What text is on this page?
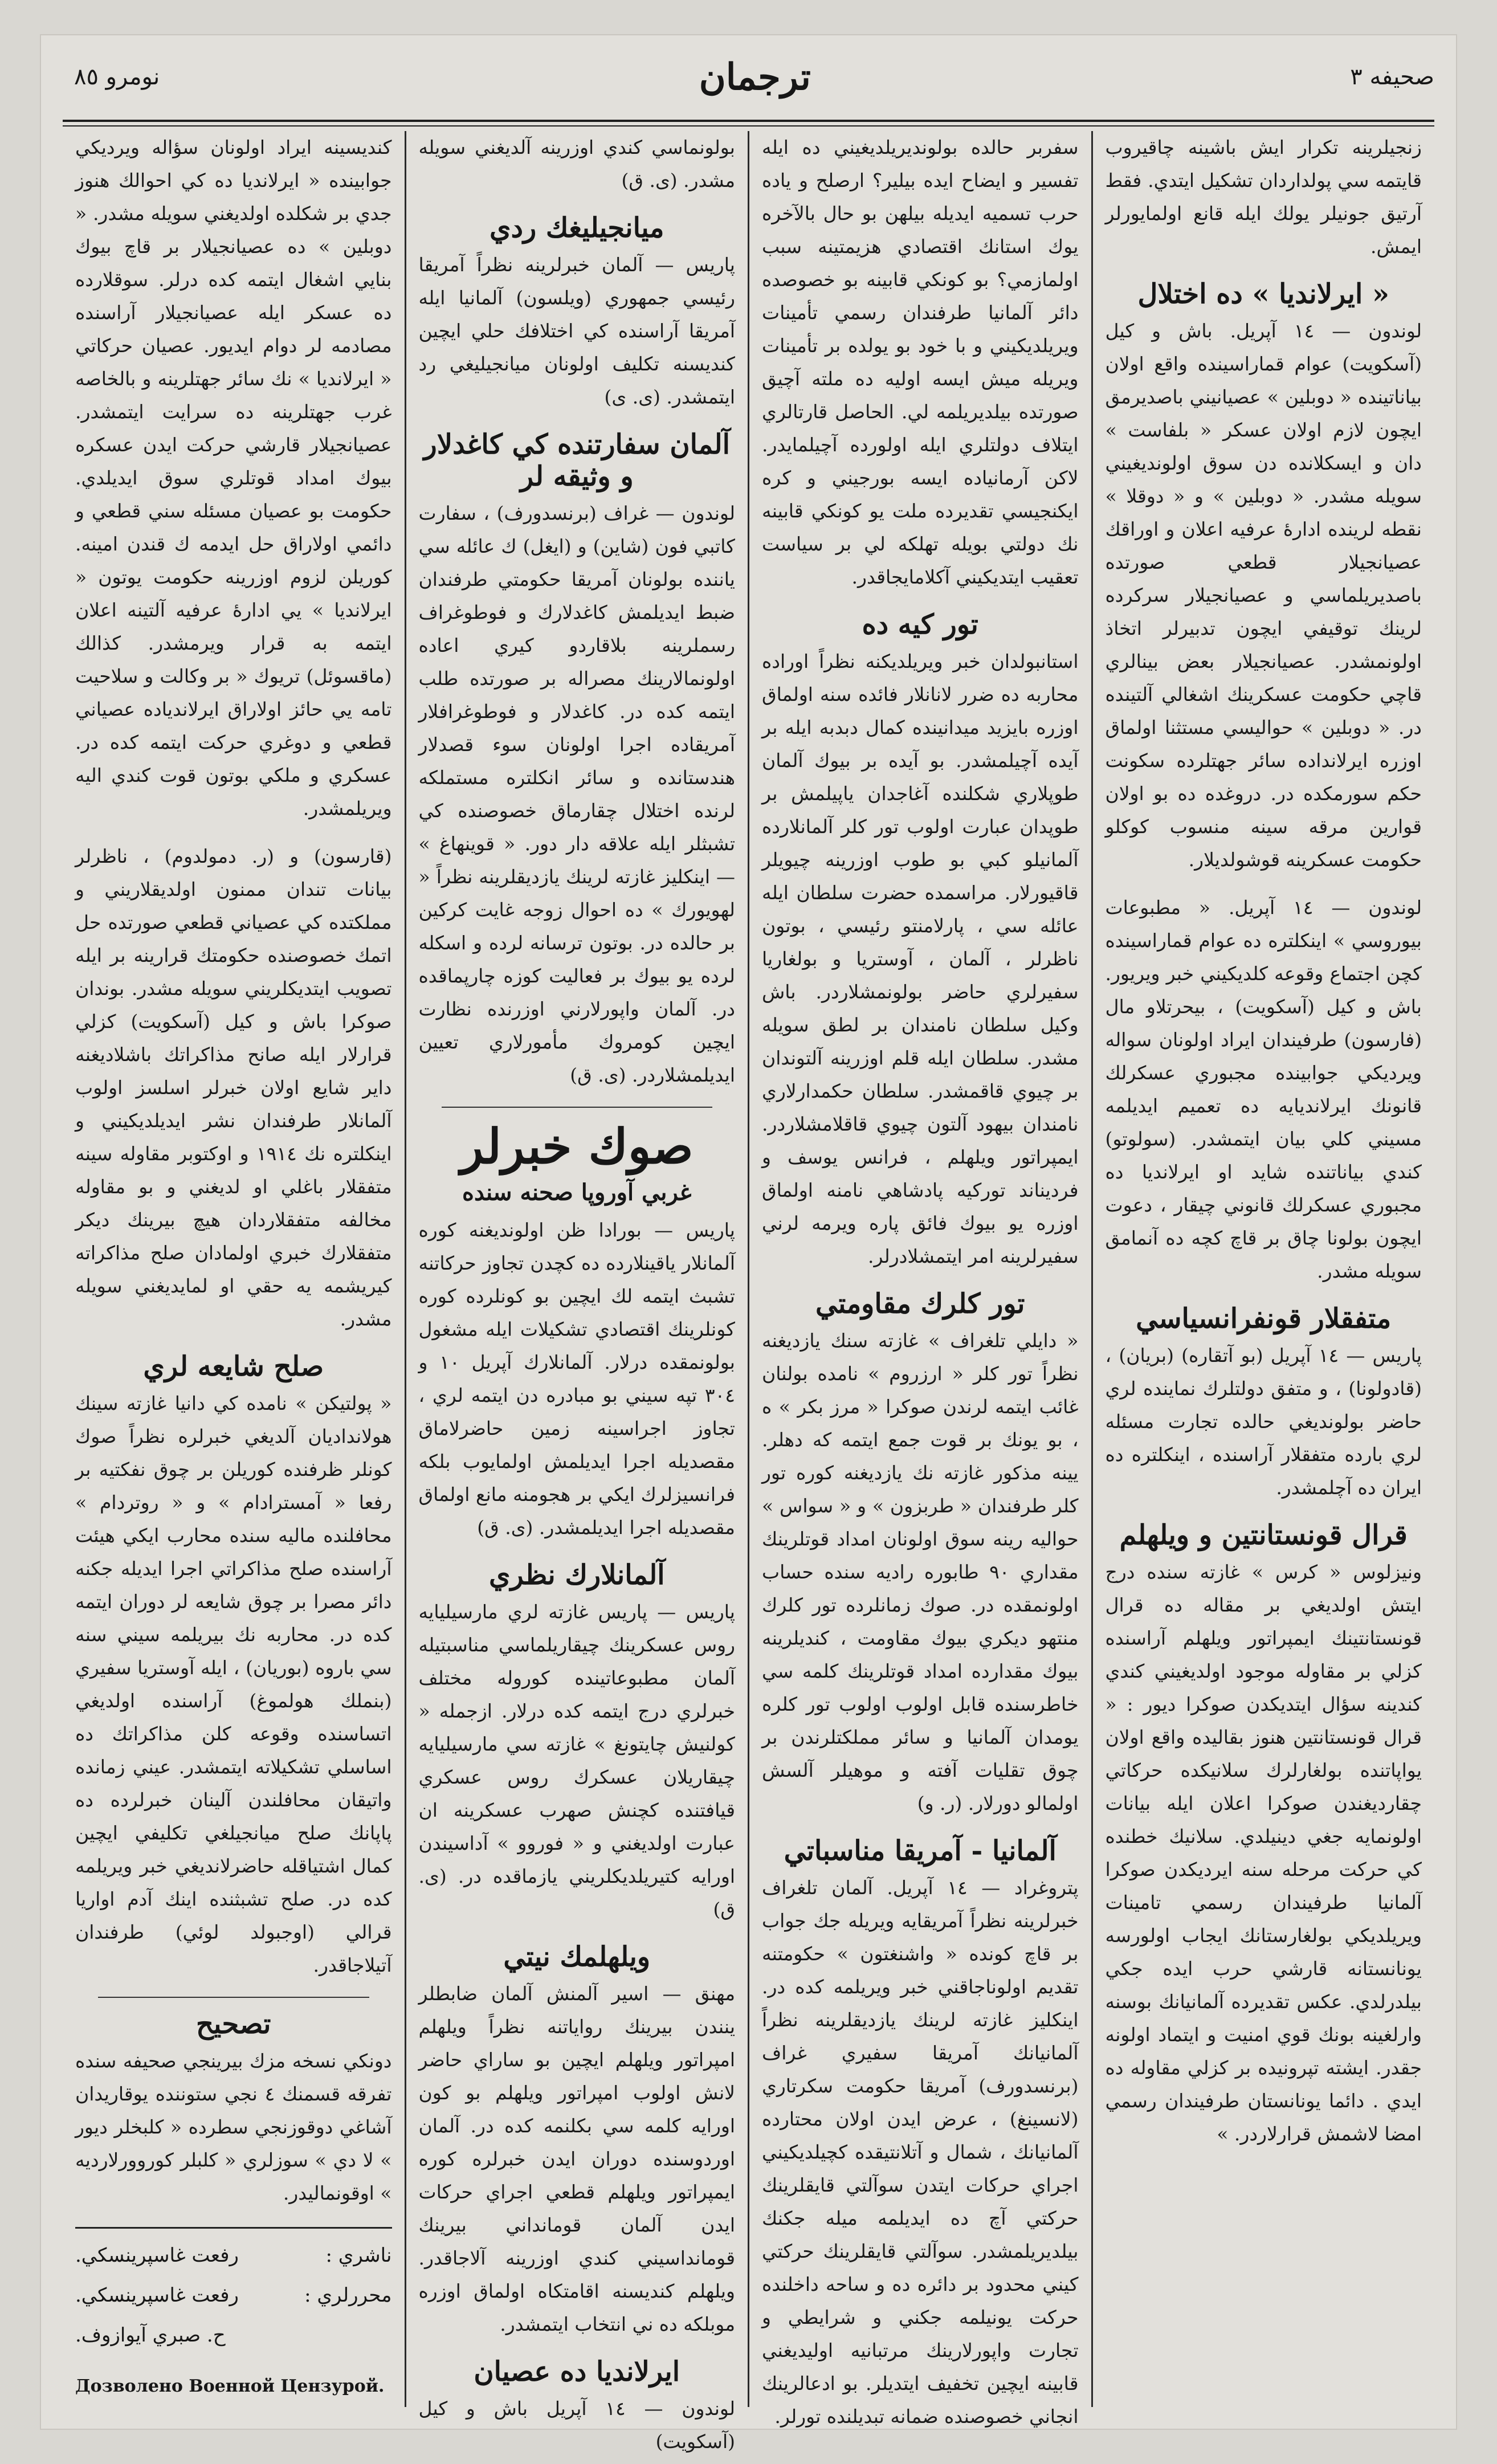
صحيفه ٣
ترجمان
نومرو ٨٥
زنجيلرينه تكرار ايش باشينه چاقيروب قايتمه سي پولداردان تشكيل ايتدي. فقط آرتيق جونيلر يولك ايله قانع اولمايورلر ايمش.
« ايرلانديا » ده اختلال
لوندون — ١٤ آپريل. باش و كيل (آسكويت) عوام قماراسينده واقع اولان بياناتينده « دوبلين » عصيانيني باصديرمق ايچون لازم اولان عسكر « بلفاست » دان و ايسكلانده دن سوق اولونديغيني سويله مشدر. « دوبلين » و « دوقلا » نقطه لرينده ادارۀ عرفيه اعلان و اوراقك عصيانجيلار قطعي صورتده باصديريلماسي و عصيانجيلار سركرده لرينك توقيفي ايچون تدبيرلر اتخاذ اولونمشدر. عصيانجيلار بعض بينالري قاچي حكومت عسكرينك اشغالي آلتينده در. « دوبلين » حواليسي مستثنا اولماق اوزره ايرلانداده سائر جهتلرده سكونت حكم سورمكده در. دروغده ده بو اولان قوارين مرقه سينه منسوب كوكلو حكومت عسكرينه قوشولديلار.
لوندون — ١٤ آپريل. « مطبوعات بيوروسي » اينكلتره ده عوام قماراسينده كچن اجتماع وقوعه كلديكيني خبر ويريور. باش و كيل (آسكويت) ، بيحرتلاو مال (فارسون) طرفيندان ايراد اولونان سواله ويرديكي جوابينده مجبوري عسكرلك قانونك ايرلانديايه ده تعميم ايديلمه مسيني كلي بيان ايتمشدر. (سولوتو) كندي بياناتنده شايد او ايرلانديا ده مجبوري عسكرلك قانوني چيقار ، دعوت ايچون بولونا چاق بر قاچ كچه ده آنمامق سويله مشدر.
متفقلار قونفرانسياسي
پاريس — ١٤ آپريل (بو آتقاره) (بريان) ، (قادولونا) ، و متفق دولتلرك نماينده لري حاضر بولونديغي حالده تجارت مسئله لري بارده متفقلار آراسنده ، اينكلتره ده ايران ده آچلمشدر.
قرال قونستانتين و ويلهلم
ونيزلوس « كرس » غازته سنده درج ايتش اولديغي بر مقاله ده قرال قونستانتينك ايمپراتور ويلهلم آراسنده كزلي بر مقاوله موجود اولديغيني كندي كندينه سؤال ايتديكدن صوكرا ديور : « قرال قونستانتين هنوز بقاليده واقع اولان يواپاتنده بولغارلرك سلانيكده حركاتي چقارديغندن صوكرا اعلان ايله بيانات اولونمايه جغي دينيلدي. سلانيك خطنده كي حركت مرحله سنه ايرديكدن صوكرا آلمانيا طرفيندان رسمي تامينات ويريلديكي بولغارستانك ايجاب اولورسه يونانستانه قارشي حرب ايده جكي بيلدرلدي. عكس تقديرده آلمانيانك بوسنه وارلغينه بونك قوي امنيت و ايتماد اولونه جقدر. ايشته تپرونيده بر كزلي مقاوله ده ايدي . دائما يونانستان طرفيندان رسمي امضا لاشمش قرارلاردر. »
سفربر حالده بولونديريلديغيني ده ايله تفسير و ايضاح ايده بيلير؟ ارصلح و ياده حرب تسميه ايديله بيلهن بو حال بالآخره يوك استانك اقتصادي هزيمتينه سبب اولمازمي؟ بو كونكي قابينه بو خصوصده دائر آلمانيا طرفندان رسمي تأمينات ويريلديكيني و با خود بو يولده بر تأمينات ويريله ميش ايسه اوليه ده ملته آچيق صورتده بيلديريلمه لي. الحاصل قارتالري ايتلاف دولتلري ايله اولورده آچيلمايدر. لاكن آرمانياده ايسه بورجيني و كره ايكنجيسي تقديرده ملت يو كونكي قابينه نك دولتي بويله تهلكه لي بر سياست تعقيب ايتديكيني آكلامايجاقدر.
تور كيه ده
استانبولدان خبر ويريلديكنه نظراً اوراده محاربه ده ضرر لانانلار فائده سنه اولماق اوزره بايزيد ميدانينده كمال دبدبه ايله بر آيده آچيلمشدر. بو آيده بر بيوك آلمان طوپلاري شكلنده آغاجدان ياپيلمش بر طوپدان عبارت اولوب تور كلر آلمانلارده آلمانيلو كبي بو طوب اوزرينه چيويلر قاقيورلار. مراسمده حضرت سلطان ايله عائله سي ، پارلامنتو رئيسي ، بوتون ناظرلر ، آلمان ، آوستريا و بولغاريا سفيرلري حاضر بولونمشلاردر. باش وكيل سلطان نامندان بر لطق سويله مشدر. سلطان ايله قلم اوزرينه آلتوندان بر چيوي قاقمشدر. سلطان حكمدارلاري نامندان بيهود آلتون چيوي قاقلامشلاردر. ايمپراتور ويلهلم ، فرانس يوسف و فرديناند توركيه پادشاهي نامنه اولماق اوزره يو بيوك فائق پاره ويرمه لرني سفيرلرينه امر ايتمشلادرلر.
تور كلرك مقاومتي
« دايلي تلغراف » غازته سنك يازديغنه نظراً تور كلر « ارزروم » نامده بولنان غائب ايتمه لرندن صوكرا « مرز بكر » ه ، بو يونك بر قوت جمع ايتمه كه دهلر. يينه مذكور غازته نك يازديغنه كوره تور كلر طرفندان « طربزون » و « سواس » حواليه رينه سوق اولونان امداد قوتلرينك مقداري ٩٠ طابوره راديه سنده حساب اولونمقده در. صوك زمانلرده تور كلرك منتهو ديكري بيوك مقاومت ، كنديلرينه بيوك مقدارده امداد قوتلرينك كلمه سي خاطرسنده قابل اولوب اولوب تور كلره يومدان آلمانيا و سائر مملكتلرندن بر چوق تقليات آفته و موهيلر آلسش اولمالو دورلار. (ر. و)
آلمانيا - آمريقا مناسباتي
پتروغراد — ١٤ آپريل. آلمان تلغراف خبرلرينه نظراً آمريقايه ويريله جك جواب بر قاچ كونده « واشنغتون » حكومتنه تقديم اولوناجاقني خبر ويريلمه كده در. اينكليز غازته لرينك يازديقلرينه نظراً آلمانيانك آمريقا سفيري غراف (برنسدورف) آمريقا حكومت سكرتاري (لانسينغ) ، عرض ايدن اولان محتارده آلمانيانك ، شمال و آتلانتيقده كچيلديكيني اجراي حركات ايتدن سوآلتي قايقلرينك حركتي آچ ده ايديلمه ميله جكنك بيلديريلمشدر. سوآلتي قايقلرينك حركتي كيني محدود بر دائره ده و ساحه داخلنده حركت يونيلمه جكني و شرايطي و تجارت واپورلارينك مرتبانيه اوليديغني قابينه ايچين تخفيف ايتديلر. بو ادعالرينك انجاني خصوصنده ضمانه تبديلنده تورلر.
بولونماسي كندي اوزرينه آلديغني سويله مشدر. (ى. ق)
ميانجيليغك ردي
پاريس — آلمان خبرلرينه نظراً آمريقا رئيسي جمهوري (ويلسون) آلمانيا ايله آمريقا آراسنده كي اختلافك حلي ايچين كنديسنه تكليف اولونان ميانجيليغي رد ايتمشدر. (ى. ى)
آلمان سفارتنده كي كاغدلار و وثيقه لر
لوندون — غراف (برنسدورف) ، سفارت كاتبي فون (شاين) و (ايغل) ك عائله سي ياننده بولونان آمريقا حكومتي طرفندان ضبط ايديلمش كاغدلارك و فوطوغراف رسملرينه بلاقاردو كيري اعاده اولونمالارينك مصراله بر صورتده طلب ايتمه كده در. كاغدلار و فوطوغرافلار آمريقاده اجرا اولونان سوء قصدلار هندستانده و سائر انكلتره مستملكه لرنده اختلال چقارماق خصوصنده كي تشبثلر ايله علاقه دار دور. « قوينهاغ » — اينكليز غازته لرينك يازديقلرينه نظراً « لهويورك » ده احوال زوجه غايت كركين بر حالده در. بوتون ترسانه لرده و اسكله لرده يو بيوك بر فعاليت كوزه چارپماقده در. آلمان واپورلارني اوزرنده نظارت ايچين كومروك مأمورلاري تعيين ايديلمشلاردر. (ى. ق)
صوك خبرلر
غربي آوروپا صحنه سنده
پاريس — بورادا ظن اولونديغنه كوره آلمانلار ياقينلارده ده كچدن تجاوز حركاتنه تشبث ايتمه لك ايچين بو كونلرده كوره كونلرينك اقتصادي تشكيلات ايله مشغول بولونمقده درلار. آلمانلارك آپريل ١٠ و ٣٠٤ تپه سيني بو مبادره دن ايتمه لري ، تجاوز اجراسينه زمين حاضرلاماق مقصديله اجرا ايديلمش اولمايوب بلكه فرانسيزلرك ايكي بر هجومنه مانع اولماق مقصديله اجرا ايديلمشدر. (ى. ق)
آلمانلارك نظري
پاريس — پاريس غازته لري مارسيليايه روس عسكرينك چيقاريلماسي مناسبتيله آلمان مطبوعاتينده كوروله مختلف خبرلري درج ايتمه كده درلار. ازجمله « كولنيش چايتونغ » غازته سي مارسيليايه چيقاريلان عسكرك روس عسكري قيافتنده كچنش صهرب عسكرينه ان عبارت اولديغني و « فوروو » آداسيندن اورايه كتيريلديكلريني يازماقده در. (ى. ق)
ويلهلمك نيتي
مهنق — اسير آلمنش آلمان ضابطلر ينندن بيرينك رواياتنه نظراً ويلهلم امپراتور ويلهلم ايچين بو ساراي حاضر لانش اولوب امپراتور ويلهلم بو كون اورايه كلمه سي بكلنمه كده در. آلمان اوردوسنده دوران ايدن خبرلره كوره ايمپراتور ويلهلم قطعي اجراي حركات ايدن آلمان قومانداني بيرينك قومانداسيني كندي اوزرينه آلاجاقدر. ويلهلم كنديسنه اقامتكاه اولماق اوزره موبلكه ده ني انتخاب ايتمشدر.
ايرلانديا ده عصيان
لوندون — ١٤ آپريل باش و كيل (آسكويت)
كنديسينه ايراد اولونان سؤاله ويرديكي جوابينده « ايرلانديا ده كي احوالك هنوز جدي بر شكلده اولديغني سويله مشدر. « دوبلين » ده عصيانجيلار بر قاچ بيوك بنايي اشغال ايتمه كده درلر. سوقلارده ده عسكر ايله عصيانجيلار آراسنده مصادمه لر دوام ايديور. عصيان حركاتي « ايرلانديا » نك سائر جهتلرينه و بالخاصه غرب جهتلرينه ده سرايت ايتمشدر. عصيانجيلار قارشي حركت ايدن عسكره بيوك امداد قوتلري سوق ايديلدي. حكومت بو عصيان مسئله سني قطعي و دائمي اولاراق حل ايدمه ك قندن امينه. كوريلن لزوم اوزرينه حكومت يوتون « ايرلانديا » يي ادارۀ عرفيه آلتينه اعلان ايتمه به قرار ويرمشدر. كذالك (ماقسوئل) تريوك « بر وكالت و سلاحيت تامه يي حائز اولاراق ايرلاندياده عصياني قطعي و دوغري حركت ايتمه كده در. عسكري و ملكي بوتون قوت كندي اليه ويريلمشدر.
(قارسون) و (ر. دمولدوم) ، ناظرلر بيانات تندان ممنون اولديقلاريني و مملكتده كي عصياني قطعي صورتده حل اتمك خصوصنده حكومتك قرارينه بر ايله تصويب ايتديكلريني سويله مشدر. بوندان صوكرا باش و كيل (آسكويت) كزلي قرارلار ايله صانح مذاكراتك باشلاديغنه داير شايع اولان خبرلر اسلسز اولوب آلمانلار طرفندان نشر ايديلديكيني و اينكلتره نك ١٩١٤ و اوكتوبر مقاوله سينه متفقلار باغلي او لديغني و بو مقاوله مخالفه متفقلاردان هيچ بيرينك ديكر متفقلارك خبري اولمادان صلح مذاكراته كيريشمه يه حقي او لمايديغني سويله مشدر.
صلح شايعه لري
« پولتيكن » نامده كي دانيا غازته سينك هولانداديان آلديغي خبرلره نظراً صوك كونلر ظرفنده كوريلن بر چوق نفكتيه بر رفعا « آمسترادام » و « روتردام » محافلنده ماليه سنده محارب ايكي هيئت آراسنده صلح مذاكراتي اجرا ايديله جكنه دائر مصرا بر چوق شايعه لر دوران ايتمه كده در. محاربه نك بيريلمه سيني سنه سي باروه (بوريان) ، ايله آوستريا سفيري (بنملك هولموغ) آراسنده اولديغي اتساسنده وقوعه كلن مذاكراتك ده اساسلي تشكيلاته ايتمشدر. عيني زمانده واتيقان محافلندن آلينان خبرلرده ده پاپانك صلح ميانجيلغي تكليفي ايچين كمال اشتياقله حاضرلانديغي خبر ويريلمه كده در. صلح تشبثنده اينك آدم اواريا قرالي (اوجبولد لوئي) طرفندان آتيلاجاقدر.
تصحيح
دونكي نسخه مزك بيرينجي صحيفه سنده تفرقه قسمنك ٤ نجي ستوننده يوقاريدان آشاغي دوقوزنجي سطرده « كلبخلر ديور » لا دي » سوزلري « كلبلر كوروورلارديه » اوقونماليدر.
ناشري :
رفعت غاسپرينسكي.
محررلري :
رفعت غاسپرينسكي.
ح. صبري آيوازوف.
Дозволено Военной Цензурой.
